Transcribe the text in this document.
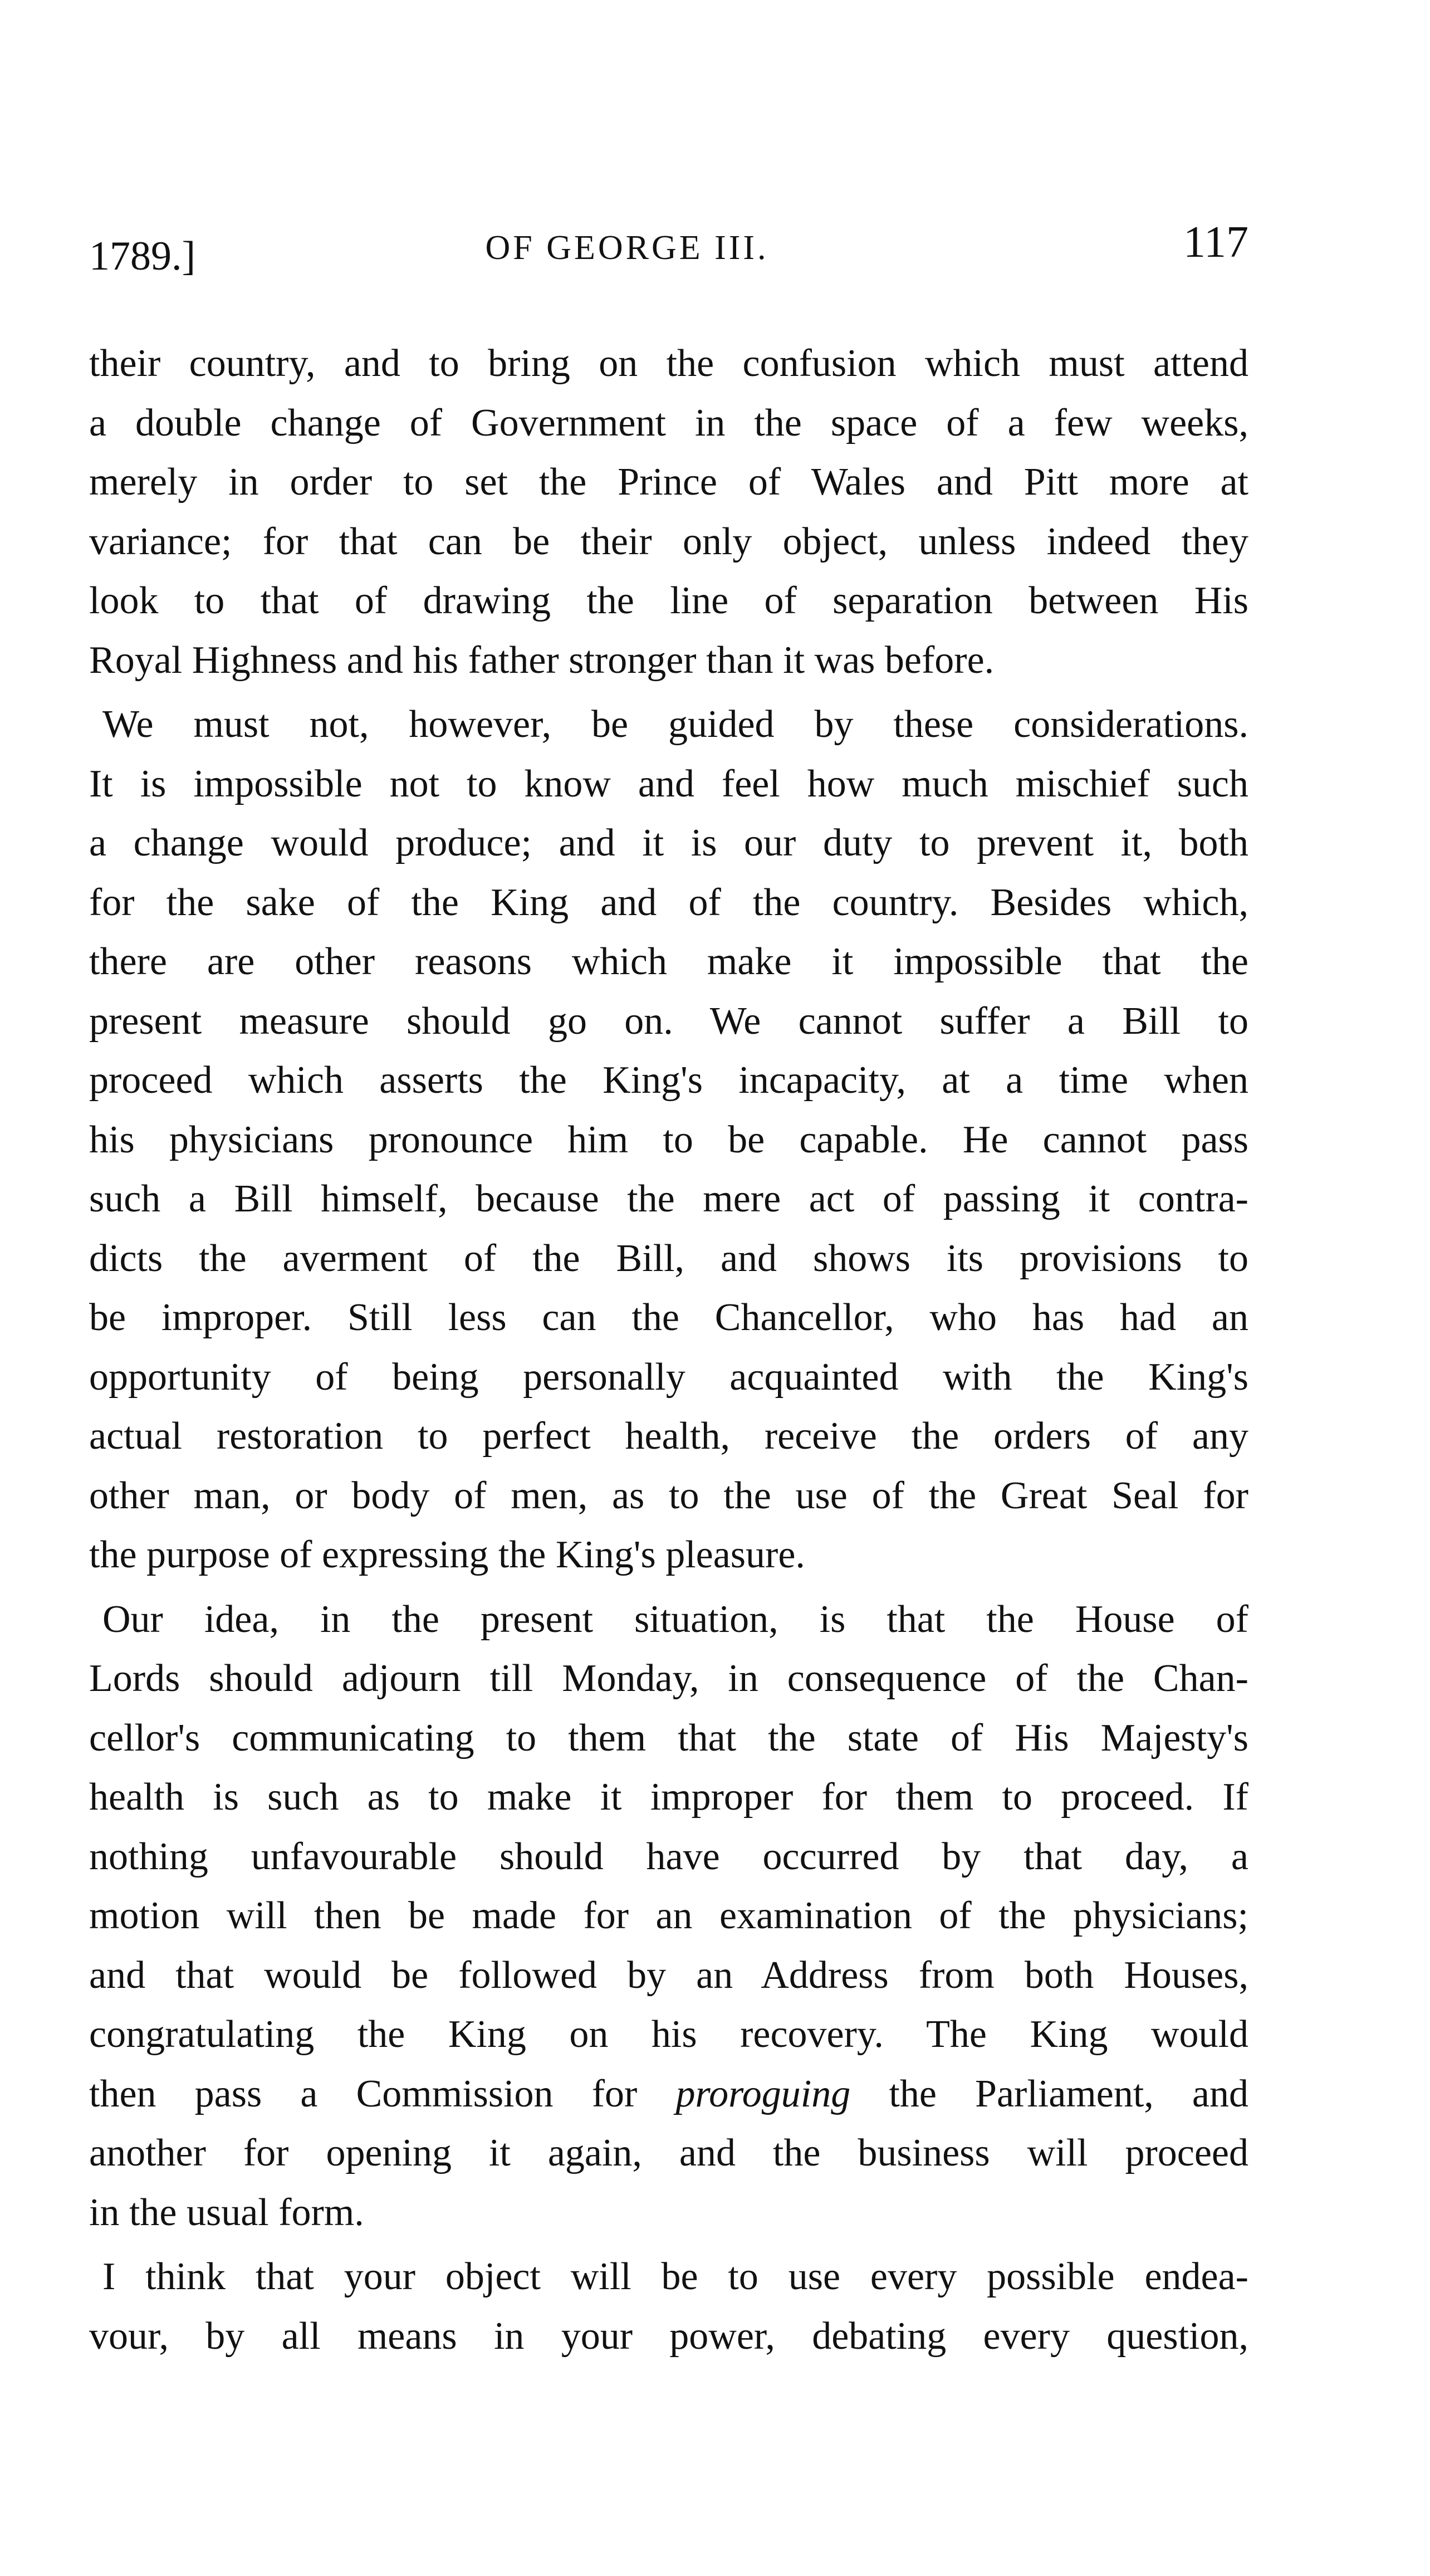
1789.]	OF GEORGE III.	117
their country, and to bring on the confusion which must attend
a double change of Government in the space of a few weeks,
merely in order to set the Prince of Wales and Pitt more at
variance; for that can be their only object, unless indeed they
look to that of drawing the line of separation between His
Royal Highness and his father stronger than it was before.
We must not, however, be guided by these considerations.
It is impossible not to know and feel how much mischief such
a change would produce; and it is our duty to prevent it, both
for the sake of the King and of the country. Besides which,
there are other reasons which make it impossible that the
present measure should go on. We cannot suffer a Bill to
proceed which asserts the King's incapacity, at a time when
his physicians pronounce him to be capable. He cannot pass
such a Bill himself, because the mere act of passing it contra-
dicts the averment of the Bill, and shows its provisions to
be improper. Still less can the Chancellor, who has had an
opportunity of being personally acquainted with the King's
actual restoration to perfect health, receive the orders of any
other man, or body of men, as to the use of the Great Seal for
the purpose of expressing the King's pleasure.
Our idea, in the present situation, is that the House of
Lords should adjourn till Monday, in consequence of the Chan-
cellor's communicating to them that the state of His Majesty's
health is such as to make it improper for them to proceed. If
nothing unfavourable should have occurred by that day, a
motion will then be made for an examination of the physicians;
and that would be followed by an Address from both Houses,
congratulating the King on his recovery. The King would
then pass a Commission for proroguing the Parliament, and
another for opening it again, and the business will proceed
in the usual form.
I think that your object will be to use every possible endea-
vour, by all means in your power, debating every question,
